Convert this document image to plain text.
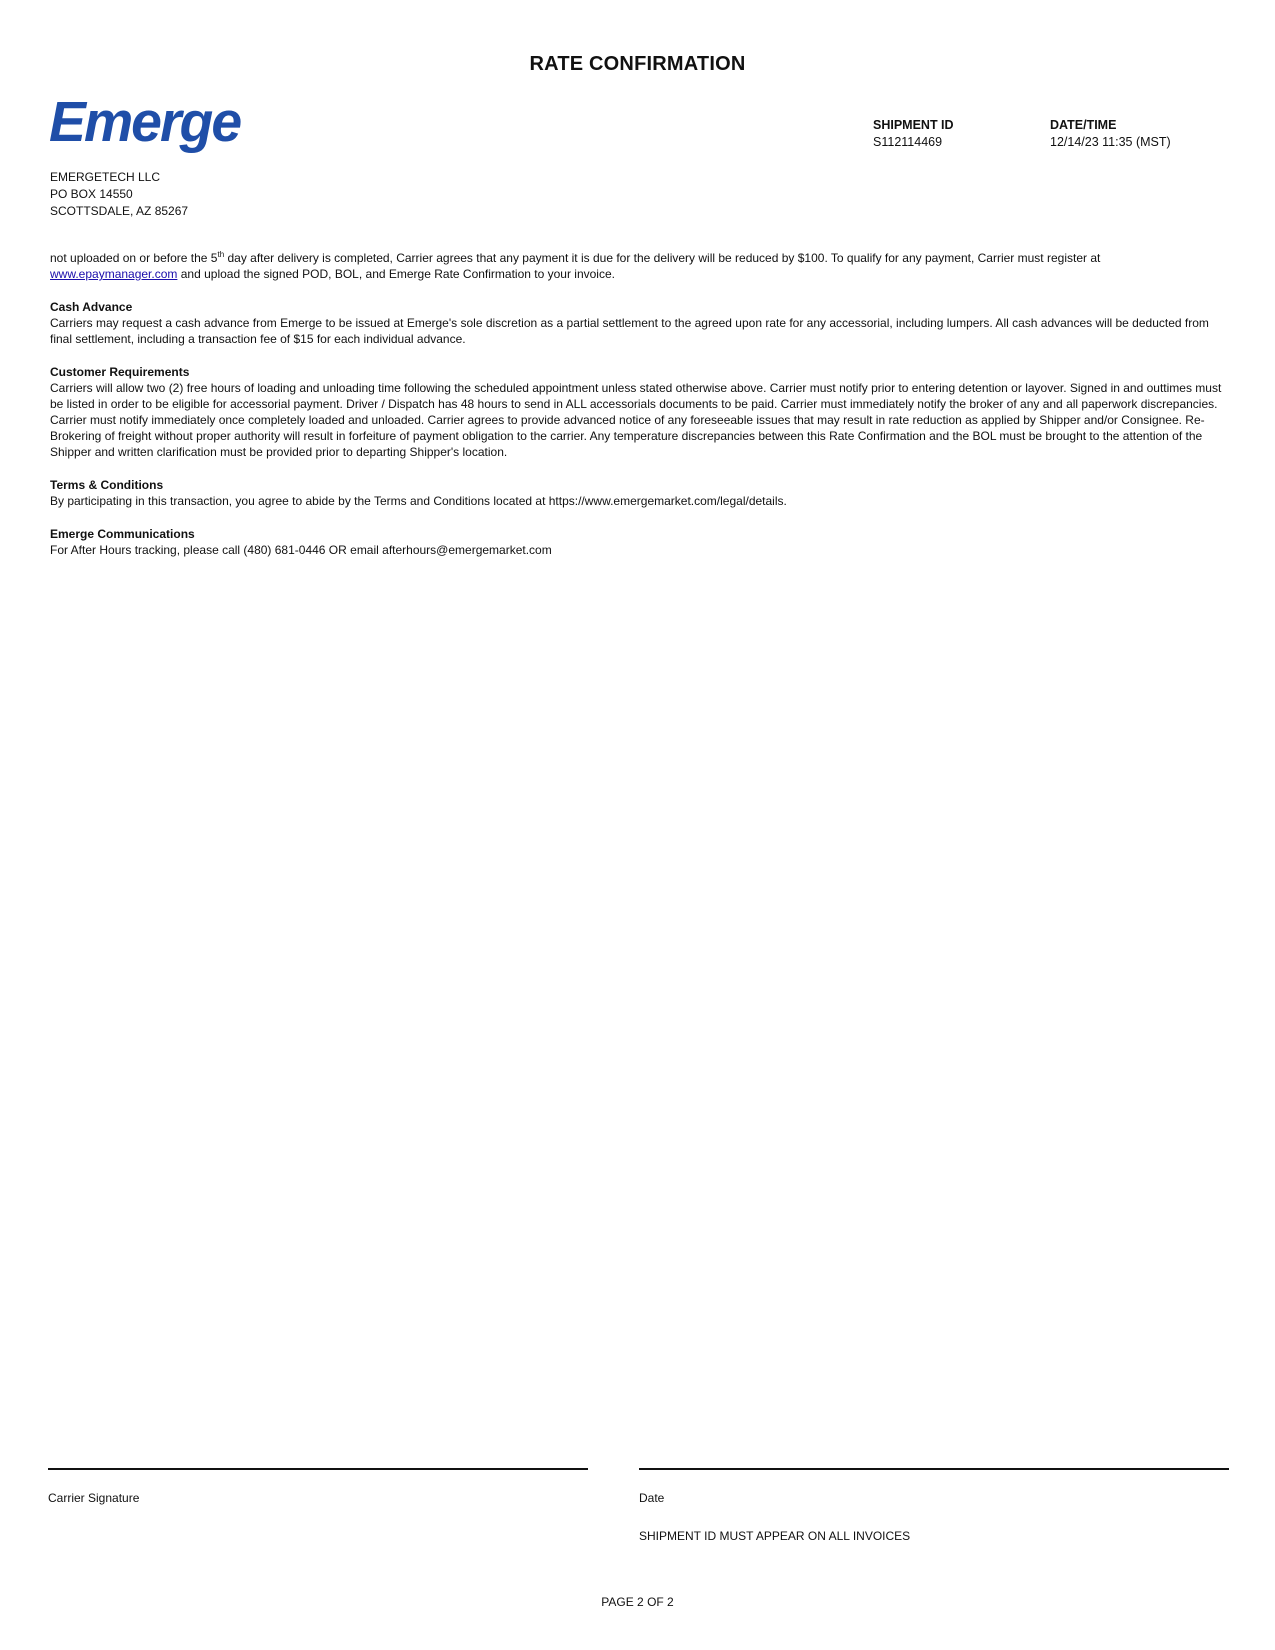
RATE CONFIRMATION
Emerge	SHIPMENT ID
S112114469
DATE/TIME
12/14/23 11:35 (MST)
EMERGETECH LLC
PO BOX 14550
SCOTTSDALE, AZ 85267

not uploaded on or before the 5th day after delivery is completed, Carrier agrees that any payment it is due for the delivery will be reduced by $100. To qualify for any payment, Carrier must register at
www.epaymanager.com and upload the signed POD, BOL, and Emerge Rate Confirmation to your invoice.

Cash Advance

Carriers may request a cash advance from Emerge to be issued at Emerge's sole discretion as a partial settlement to the agreed upon rate for any accessorial, including lumpers. All cash advances will be deducted from final settlement, including a transaction fee of $15 for each individual advance.

Customer Requirements

Carriers will allow two (2) free hours of loading and unloading time following the scheduled appointment unless stated otherwise above. Carrier must notify prior to entering detention or layover. Signed in and outtimes must be listed in order to be eligible for accessorial payment. Driver / Dispatch has 48 hours to send in ALL accessorials documents to be paid. Carrier must immediately notify the broker of any and all paperwork discrepancies. Carrier must notify immediately once completely loaded and unloaded. Carrier agrees to provide advanced notice of any foreseeable issues that may result in rate reduction as applied by Shipper and/or Consignee. Re-Brokering of freight without proper authority will result in forfeiture of payment obligation to the carrier. Any temperature discrepancies between this Rate Confirmation and the BOL must be brought to the attention of the Shipper and written clarification must be provided prior to departing Shipper's location.

Terms & Conditions

By participating in this transaction, you agree to abide by the Terms and Conditions located at https://www.emergemarket.com/legal/details.

Emerge Communications

For After Hours tracking, please call (480) 681-0446 OR email afterhours@emergemarket.com

Carrier Signature	Date
SHIPMENT ID MUST APPEAR ON ALL INVOICES
PAGE 2 OF 2
